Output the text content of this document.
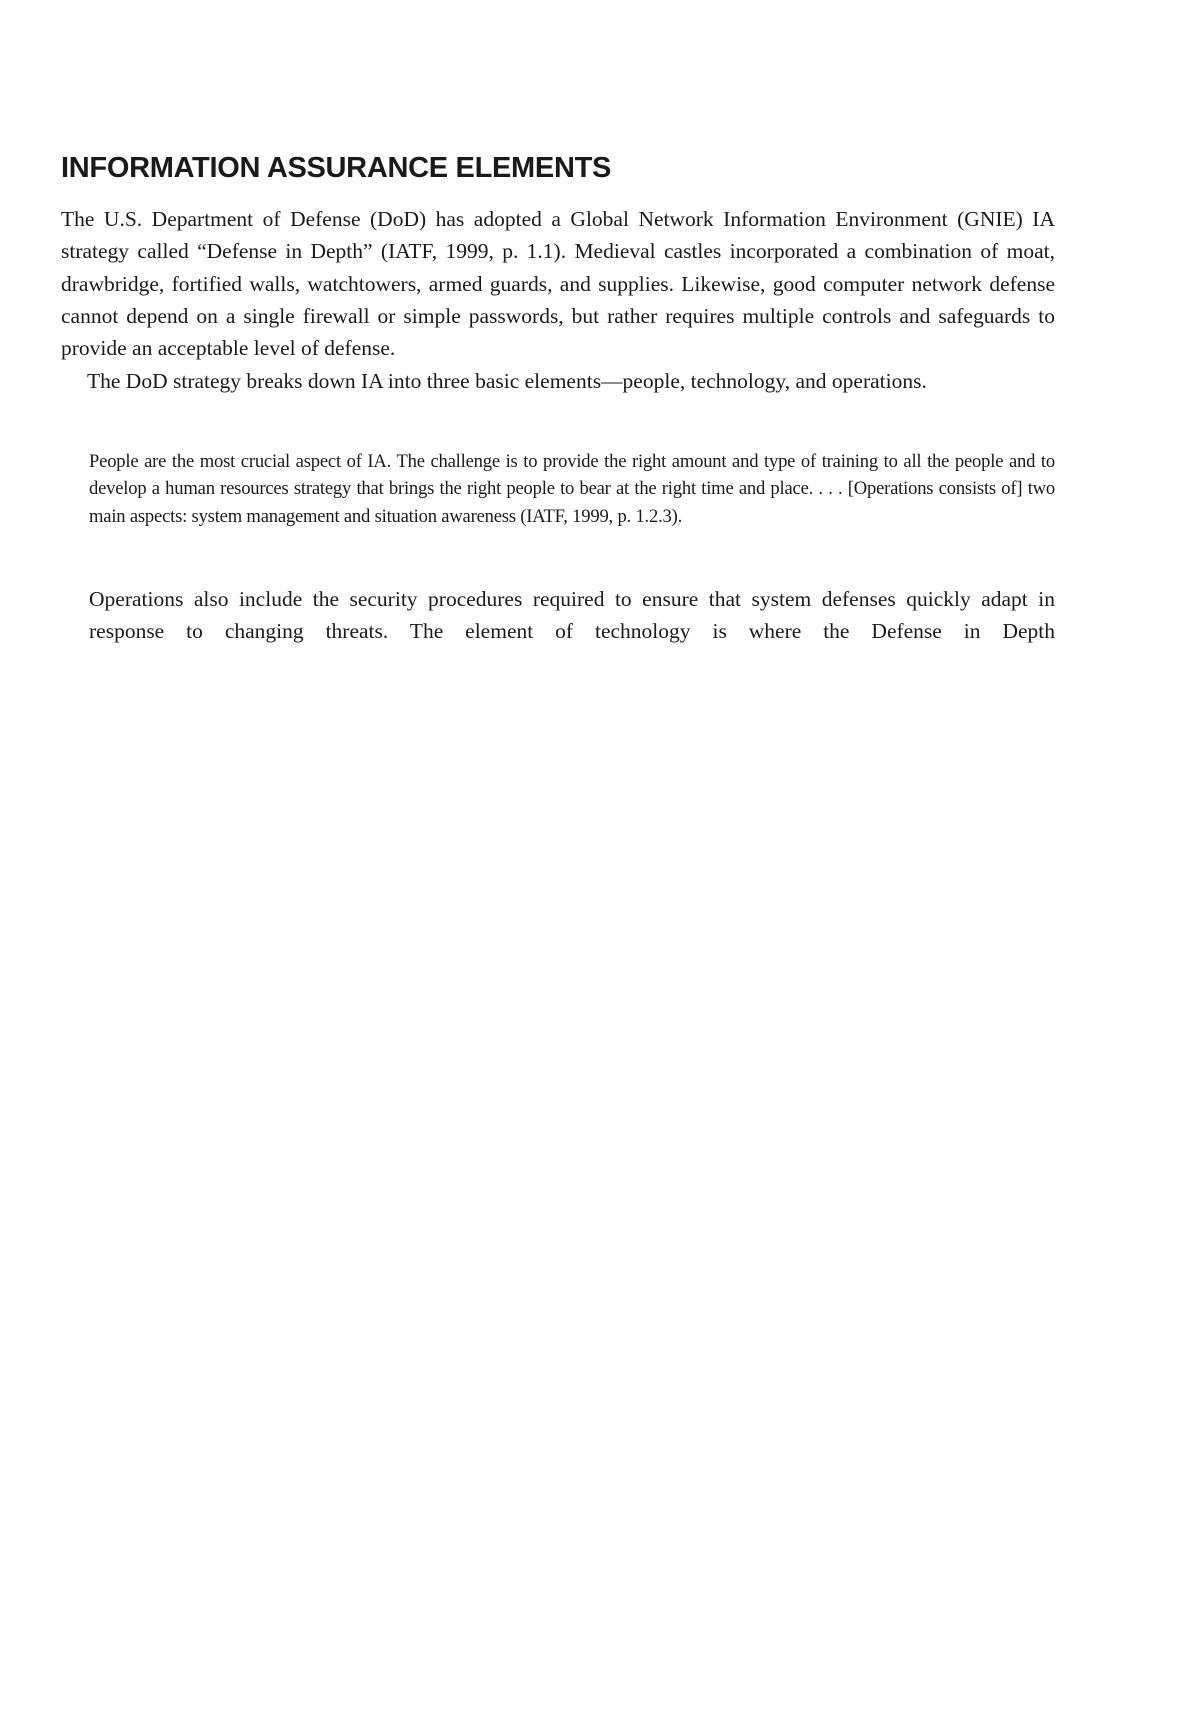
INFORMATION ASSURANCE ELEMENTS

The U.S. Department of Defense (DoD) has adopted a Global Network Information Environment (GNIE) IA strategy called “Defense in Depth” (IATF, 1999, p. 1.1). Medieval castles incorporated a combination of moat, drawbridge, fortified walls, watchtowers, armed guards, and supplies. Likewise, good computer network defense cannot depend on a single firewall or simple passwords, but rather requires multiple controls and safeguards to provide an acceptable level of defense.

The DoD strategy breaks down IA into three basic elements—people, technology, and operations.

People are the most crucial aspect of IA. The challenge is to provide the right amount and type of training to all the people and to develop a human resources strategy that brings the right people to bear at the right time and place. . . . [Operations consists of] two main aspects: system management and situation awareness (IATF, 1999, p. 1.2.3).

Operations also include the security procedures required to ensure that system defenses quickly adapt in response to changing threats. The element of technology is where the Defense in Depth
